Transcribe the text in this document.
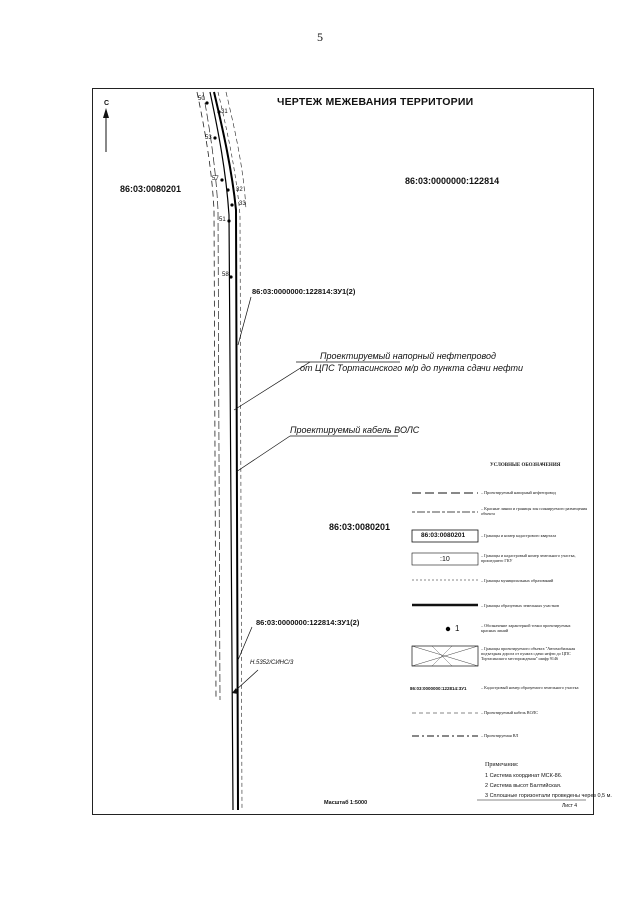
5
С	ЧЕРТЕЖ МЕЖЕВАНИЯ ТЕРРИТОРИИ
86:03:0080201
86:03:0000000:122814
86:03:0080201
86:03:0000000:122814:ЗУ1(2)
86:03:0000000:122814:ЗУ1(2)
Проектируемый напорный нефтепровод
от ЦПС Тортасинского м/р до пункта сдачи нефти
Проектируемый кабель ВОЛС
Н.5352/СИНС/3
50
31
53
57
32
33
51
58
УСЛОВНЫЕ ОБОЗНАЧЕНИЯ
– Проектируемый напорный нефтепровод
– Красные линии и границы зон планируемого размещения объекта
86:03:0080201	– Границы и номер кадастрового квартала
:10
– Границы и кадастровый номер земельного участка, прошедшего ГКУ
– Границы муниципальных образований
– Границы образуемых земельных участков
1	– Обозначение характерной точки проектируемых красных линий
– Границы проектируемого объекта "Автомобильная подъездная дорога от пункта сдачи нефти до ЦПС Тортасинского месторождения" шифр 9146
86:03:0000000:122814:ЗУ1	– Кадастровый номер образуемого земельного участка
– Проектируемый кабель ВОЛС
– Проектируемая ВЛ
Примечания:
1 Система координат МСК-86.
2 Система высот Балтийская.
3 Сплошные горизонтали проведены через 0,5 м.
Масштаб 1:5000	Лист 4
